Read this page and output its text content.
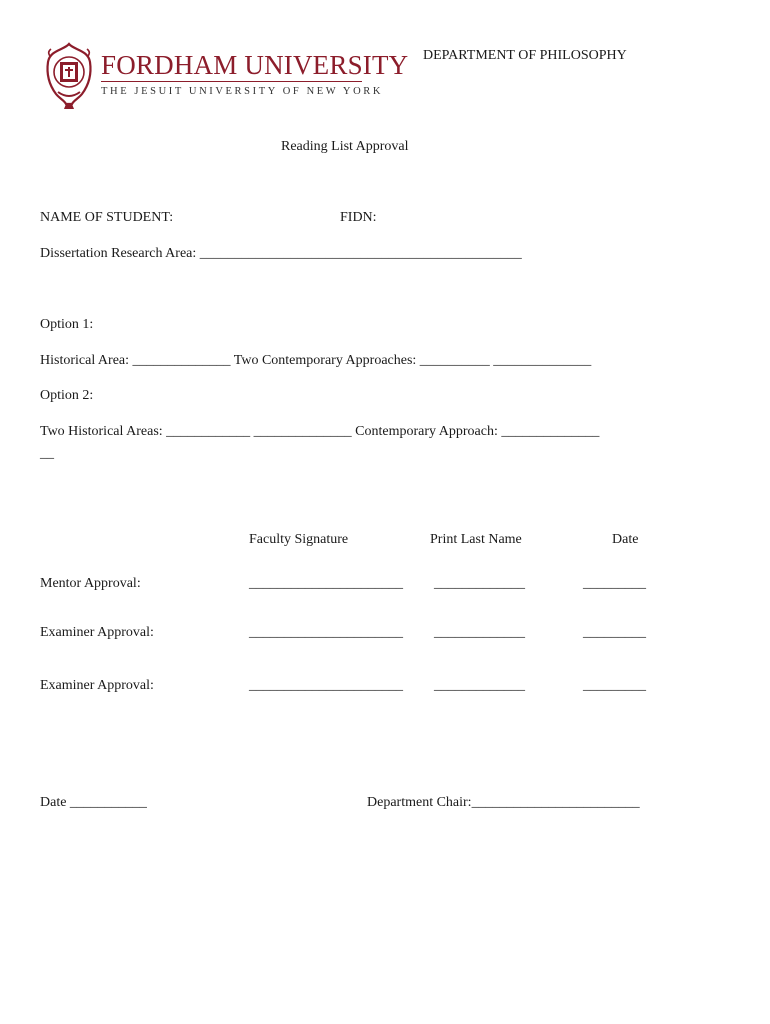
FORDHAM UNIVERSITY
THE JESUIT UNIVERSITY OF NEW YORK
DEPARTMENT OF PHILOSOPHY
Reading List Approval
NAME OF STUDENT:	FIDN:
Dissertation Research Area: ______________________________________________
Option 1:
Historical Area: ______________ Two Contemporary Approaches: __________ ______________
Option 2:
Two Historical Areas: ____________ ______________ Contemporary Approach: ______________
__
Faculty Signature	Print Last Name	Date
Mentor Approval:	______________________ _____________	_________
Examiner Approval:	______________________ _____________	_________
Examiner Approval:	______________________ _____________	_________
Date ___________	Department Chair:________________________
